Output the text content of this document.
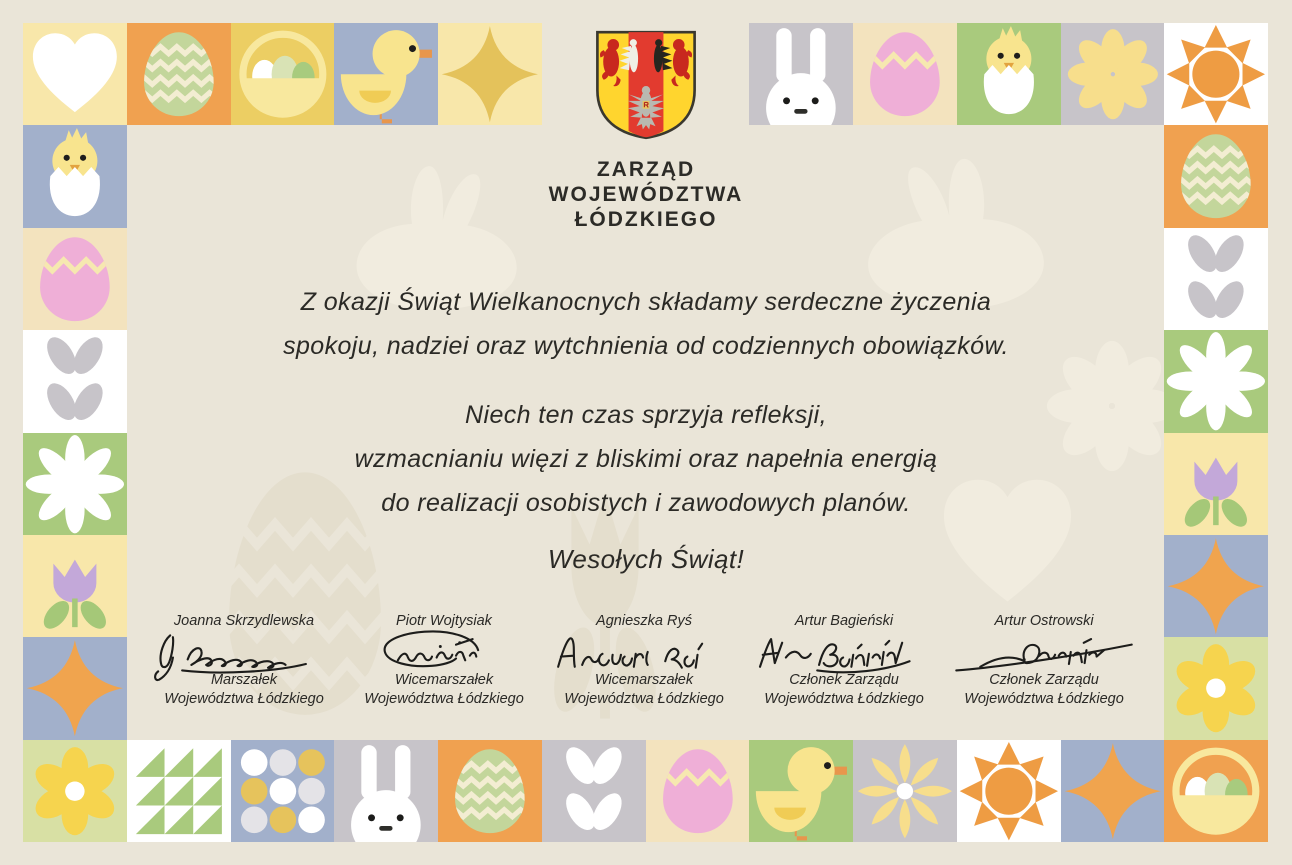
ZARZĄD
WOJEWÓDZTWA
ŁÓDZKIEGO
Z okazji Świąt Wielkanocnych składamy serdeczne życzenia
spokoju, nadziei oraz wytchnienia od codziennych obowiązków.
Niech ten czas sprzyja refleksji,
wzmacnianiu więzi z bliskimi oraz napełnia energią
do realizacji osobistych i zawodowych planów.
Wesołych Świąt!
Joanna Skrzydlewska
Marszałek
Województwa Łódzkiego
Piotr Wojtysiak
Wicemarszałek
Województwa Łódzkiego
Agnieszka Ryś
Wicemarszałek
Województwa Łódzkiego
Artur Bagieński
Członek Zarządu
Województwa Łódzkiego
Artur Ostrowski
Członek Zarządu
Województwa Łódzkiego
